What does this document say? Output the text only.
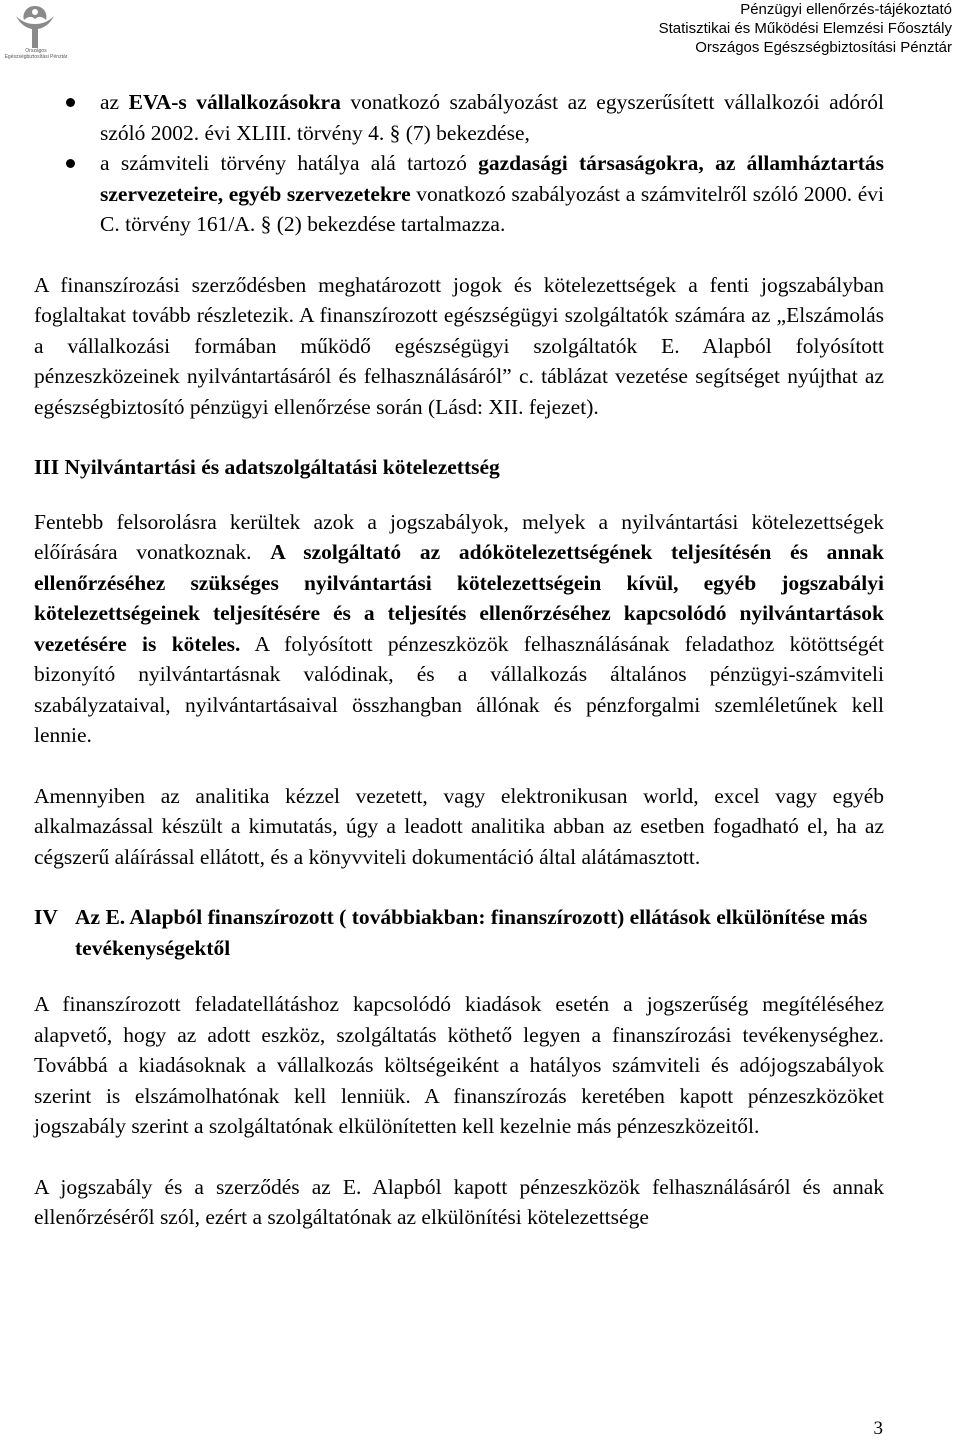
Országos Egészségbiztosítási Pénztár
Pénzügyi ellenőrzés-tájékoztató
Statisztikai és Működési Elemzési Főosztály
Országos Egészségbiztosítási Pénztár
az EVA-s vállalkozásokra vonatkozó szabályozást az egyszerűsített vállalkozói adóról szóló 2002. évi XLIII. törvény 4. § (7) bekezdése,
a számviteli törvény hatálya alá tartozó gazdasági társaságokra, az államháztartás szervezeteire, egyéb szervezetekre vonatkozó szabályozást a számvitelről szóló 2000. évi C. törvény 161/A. § (2) bekezdése tartalmazza.

A finanszírozási szerződésben meghatározott jogok és kötelezettségek a fenti jogszabályban foglaltakat tovább részletezik. A finanszírozott egészségügyi szolgáltatók számára az „Elszámolás a vállalkozási formában működő egészségügyi szolgáltatók E. Alapból folyósított pénzeszközeinek nyilvántartásáról és felhasználásáról” c. táblázat vezetése segítséget nyújthat az egészségbiztosító pénzügyi ellenőrzése során (Lásd: XII. fejezet).

III Nyilvántartási és adatszolgáltatási kötelezettség

Fentebb felsorolásra kerültek azok a jogszabályok, melyek a nyilvántartási kötelezettségek előírására vonatkoznak. A szolgáltató az adókötelezettségének teljesítésén és annak ellenőrzéséhez szükséges nyilvántartási kötelezettségein kívül, egyéb jogszabályi kötelezettségeinek teljesítésére és a teljesítés ellenőrzéséhez kapcsolódó nyilvántartások vezetésére is köteles. A folyósított pénzeszközök felhasználásának feladathoz kötöttségét bizonyító nyilvántartásnak valódinak, és a vállalkozás általános pénzügyi-számviteli szabályzataival, nyilvántartásaival összhangban állónak és pénzforgalmi szemléletűnek kell lennie.

Amennyiben az analitika kézzel vezetett, vagy elektronikusan world, excel vagy egyéb alkalmazással készült a kimutatás, úgy a leadott analitika abban az esetben fogadható el, ha az cégszerű aláírással ellátott, és a könyvviteli dokumentáció által alátámasztott.

IV Az E. Alapból finanszírozott ( továbbiakban: finanszírozott) ellátások elkülönítése más tevékenységektől

A finanszírozott feladatellátáshoz kapcsolódó kiadások esetén a jogszerűség megítéléséhez alapvető, hogy az adott eszköz, szolgáltatás köthető legyen a finanszírozási tevékenységhez. Továbbá a kiadásoknak a vállalkozás költségeiként a hatályos számviteli és adójogszabályok szerint is elszámolhatónak kell lenniük. A finanszírozás keretében kapott pénzeszközöket jogszabály szerint a szolgáltatónak elkülönítetten kell kezelnie más pénzeszközeitől.

A jogszabály és a szerződés az E. Alapból kapott pénzeszközök felhasználásáról és annak ellenőrzéséről szól, ezért a szolgáltatónak az elkülönítési kötelezettsége

3
